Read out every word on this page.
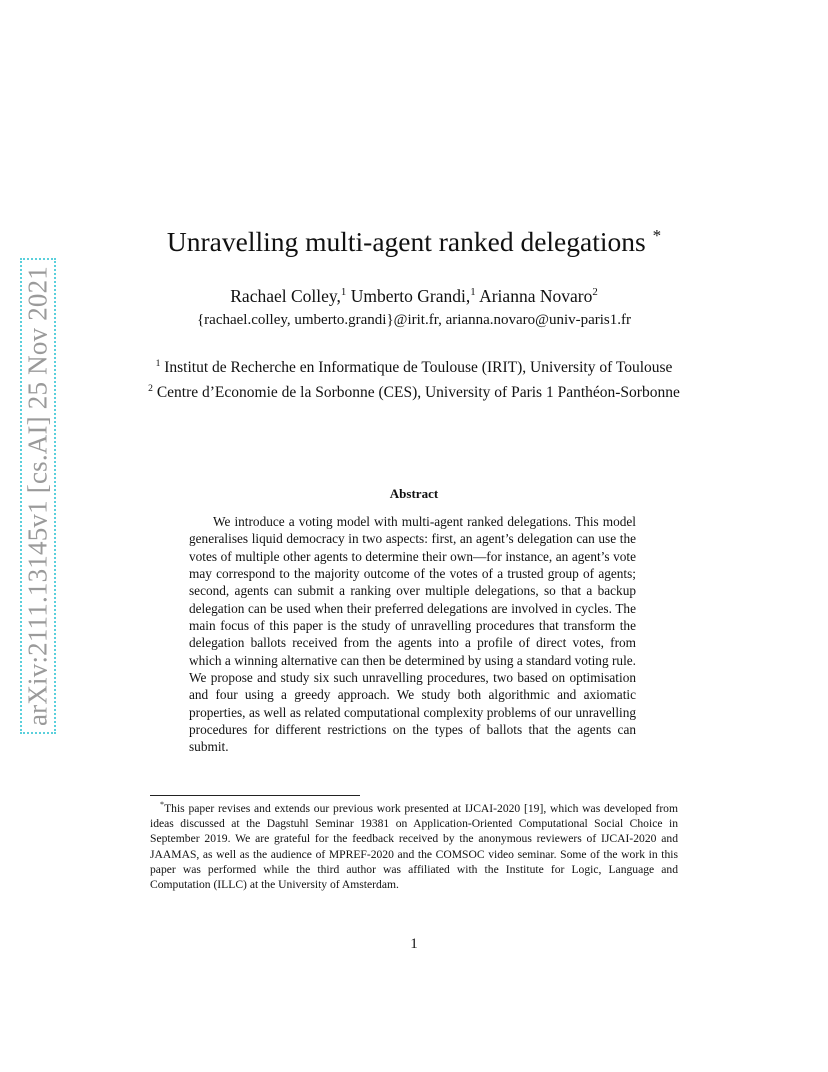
arXiv:2111.13145v1 [cs.AI] 25 Nov 2021
Unravelling multi-agent ranked delegations *
Rachael Colley,$^1$ Umberto Grandi,$^1$ Arianna Novaro$^2$
{rachael.colley, umberto.grandi}@irit.fr, arianna.novaro@univ-paris1.fr
$^1$ Institut de Recherche en Informatique de Toulouse (IRIT), University of Toulouse
$^2$ Centre d’Economie de la Sorbonne (CES), University of Paris 1 Panthéon-Sorbonne
Abstract

We introduce a voting model with multi-agent ranked delegations. This model generalises liquid democracy in two aspects: first, an agent’s delegation can use the votes of multiple other agents to determine their own—for instance, an agent’s vote may correspond to the majority outcome of the votes of a trusted group of agents; second, agents can submit a ranking over multiple delegations, so that a backup delegation can be used when their preferred delegations are involved in cycles. The main focus of this paper is the study of unravelling procedures that transform the delegation ballots received from the agents into a profile of direct votes, from which a winning alternative can then be determined by using a standard voting rule. We propose and study six such unravelling procedures, two based on optimisation and four using a greedy approach. We study both algorithmic and axiomatic properties, as well as related computational complexity problems of our unravelling procedures for different restrictions on the types of ballots that the agents can submit.

*This paper revises and extends our previous work presented at IJCAI-2020 [19], which was developed from ideas discussed at the Dagstuhl Seminar 19381 on Application-Oriented Computational Social Choice in September 2019. We are grateful for the feedback received by the anonymous reviewers of IJCAI-2020 and JAAMAS, as well as the audience of MPREF-2020 and the COMSOC video seminar. Some of the work in this paper was performed while the third author was affiliated with the Institute for Logic, Language and Computation (ILLC) at the University of Amsterdam.

1
